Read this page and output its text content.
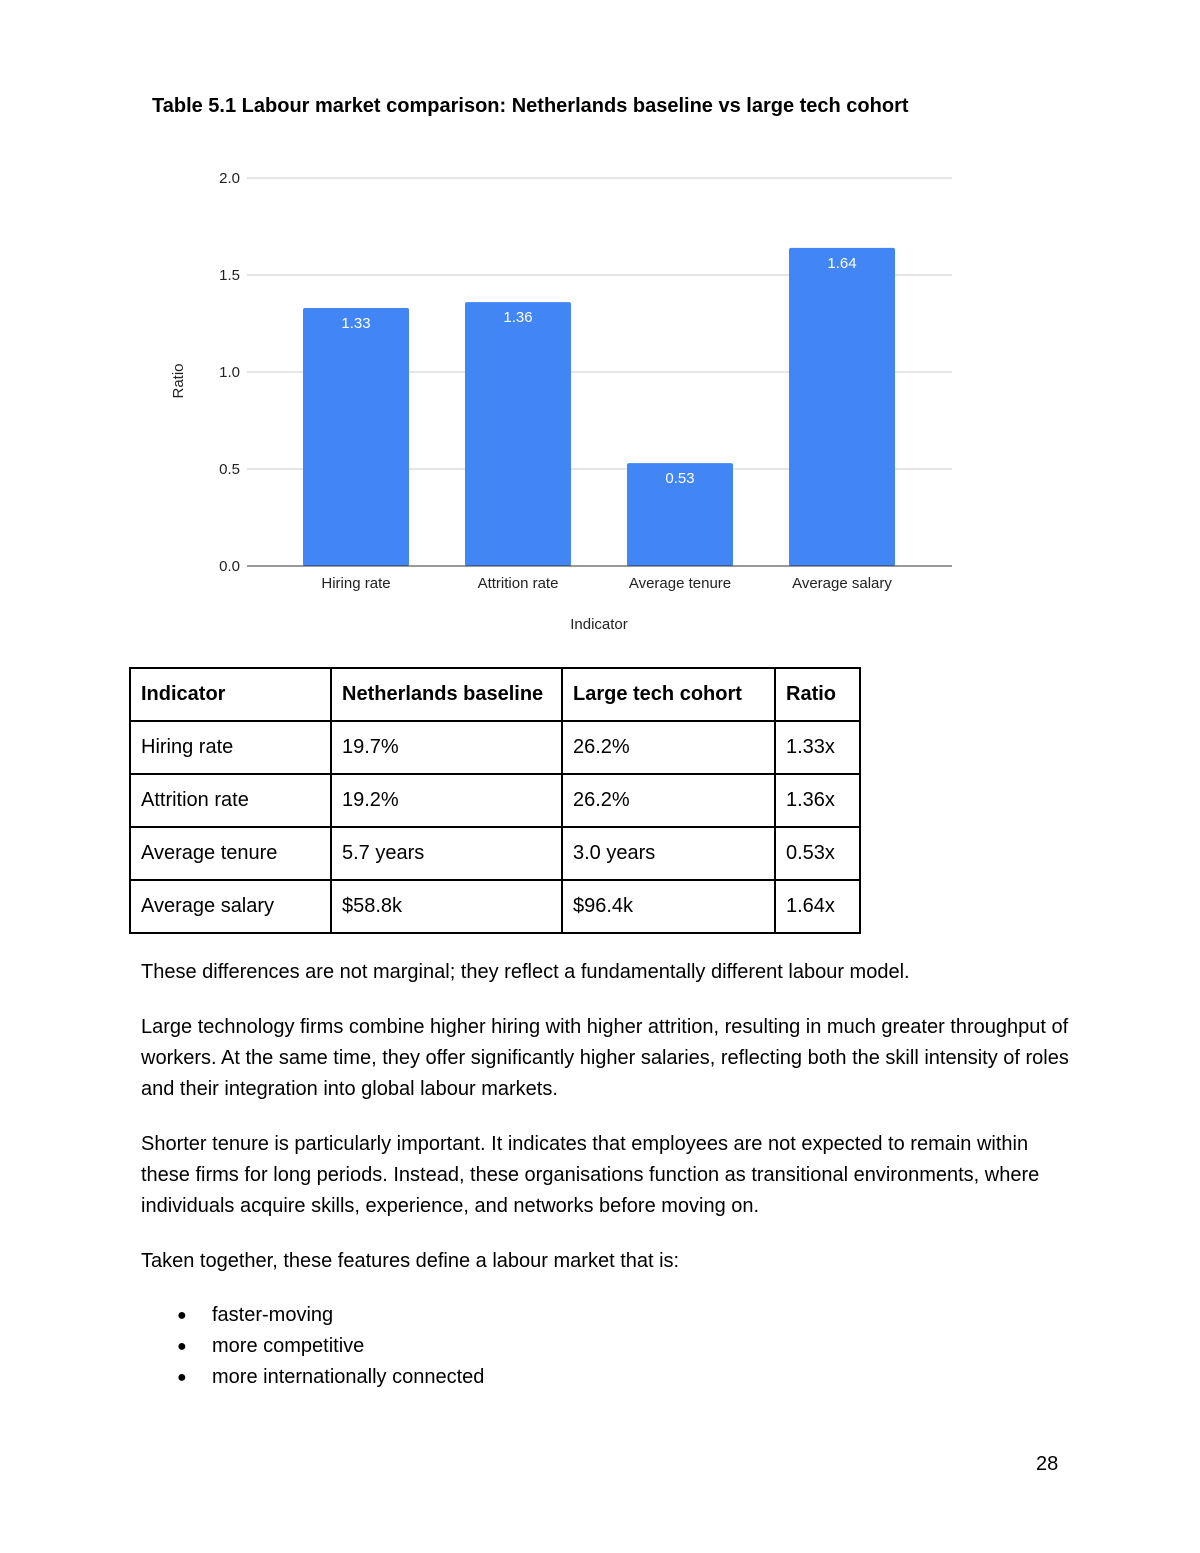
Table 5.1 Labour market comparison: Netherlands baseline vs large tech cohort
0.0
0.5
1.0
1.5
2.0
1.33
Hiring rate
1.36
Attrition rate
0.53
Average tenure
1.64
Average salary
Indicator
Ratio
Indicator	Netherlands baseline	Large tech cohort	Ratio
Hiring rate	19.7%	26.2%	1.33x
Attrition rate	19.2%	26.2%	1.36x
Average tenure	5.7 years	3.0 years	0.53x
Average salary	$58.8k	$96.4k	1.64x

These differences are not marginal; they reflect a fundamentally different labour model.

Large technology firms combine higher hiring with higher attrition, resulting in much greater throughput of workers. At the same time, they offer significantly higher salaries, reflecting both the skill intensity of roles and their integration into global labour markets.

Shorter tenure is particularly important. It indicates that employees are not expected to remain within these firms for long periods. Instead, these organisations function as transitional environments, where individuals acquire skills, experience, and networks before moving on.

Taken together, these features define a labour market that is:

● faster-moving
● more competitive
● more internationally connected
28
